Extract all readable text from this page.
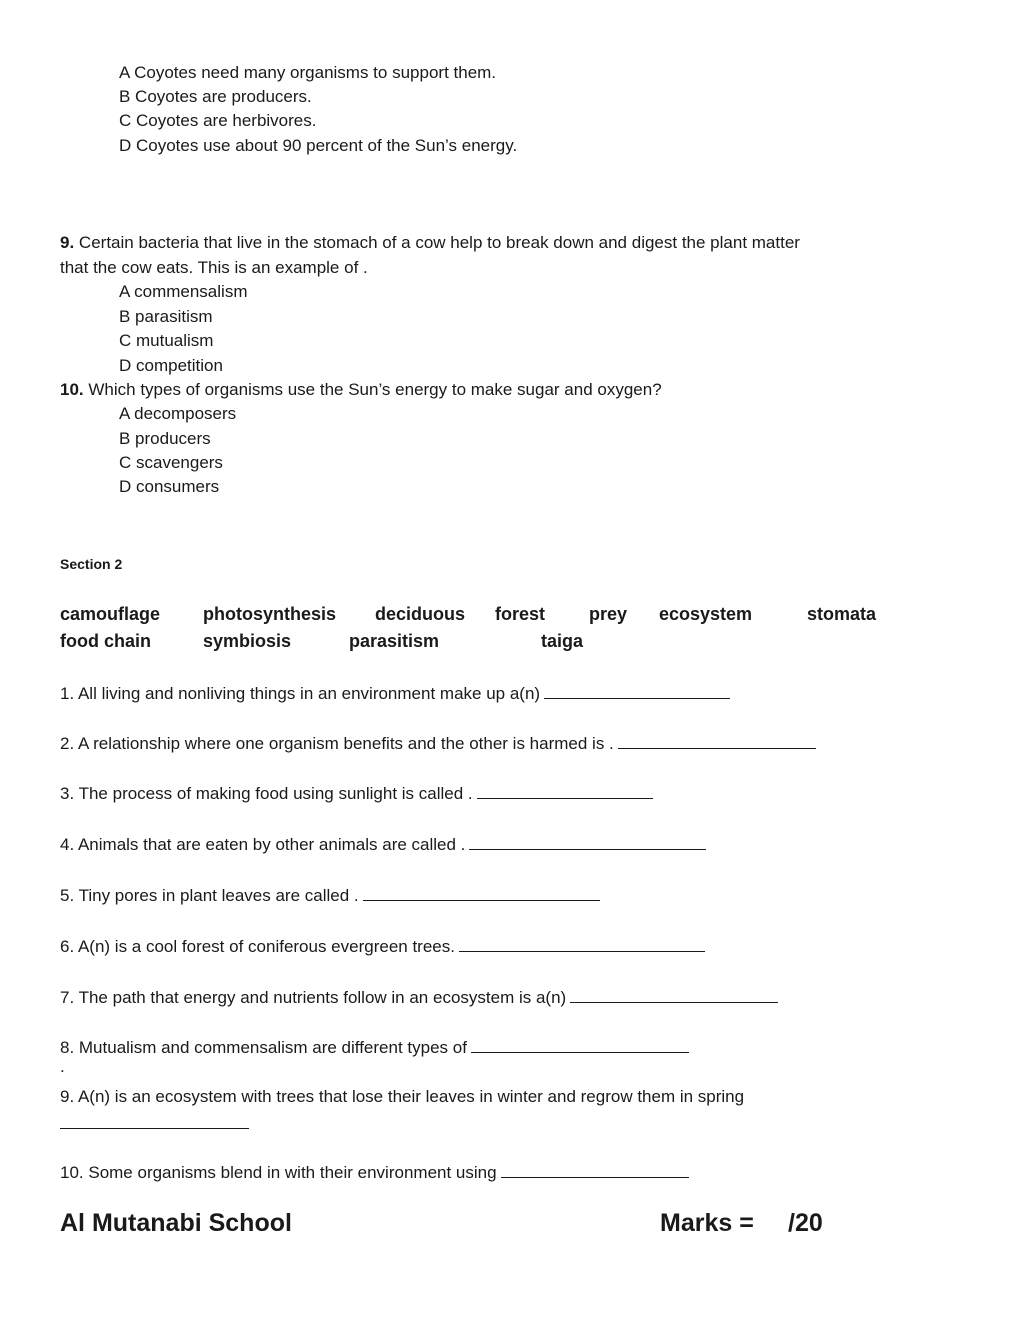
A Coyotes need many organisms to support them.
B Coyotes are producers.
C Coyotes are herbivores.
D Coyotes use about 90 percent of the Sun’s energy.
9. Certain bacteria that live in the stomach of a cow help to break down and digest the plant matter
that the cow eats. This is an example of .
A commensalism
B parasitism
C mutualism
D competition
10. Which types of organisms use the Sun’s energy to make sugar and oxygen?
A decomposers
B producers
C scavengers
D consumers
Section 2
camouflage photosynthesis deciduous forest prey ecosystem	stomata
food chain	symbiosis	parasitism	taiga
1. All living and nonliving things in an environment make up a(n)
2. A relationship where one organism benefits and the other is harmed is .
3. The process of making food using sunlight is called .
4. Animals that are eaten by other animals are called .
5. Tiny pores in plant leaves are called .
6. A(n) is a cool forest of coniferous evergreen trees.
7. The path that energy and nutrients follow in an ecosystem is a(n)
8. Mutualism and commensalism are different types of
.
9. A(n) is an ecosystem with trees that lose their leaves in winter and regrow them in spring
10. Some organisms blend in with their environment using
Al Mutanabi School	Marks = /20
